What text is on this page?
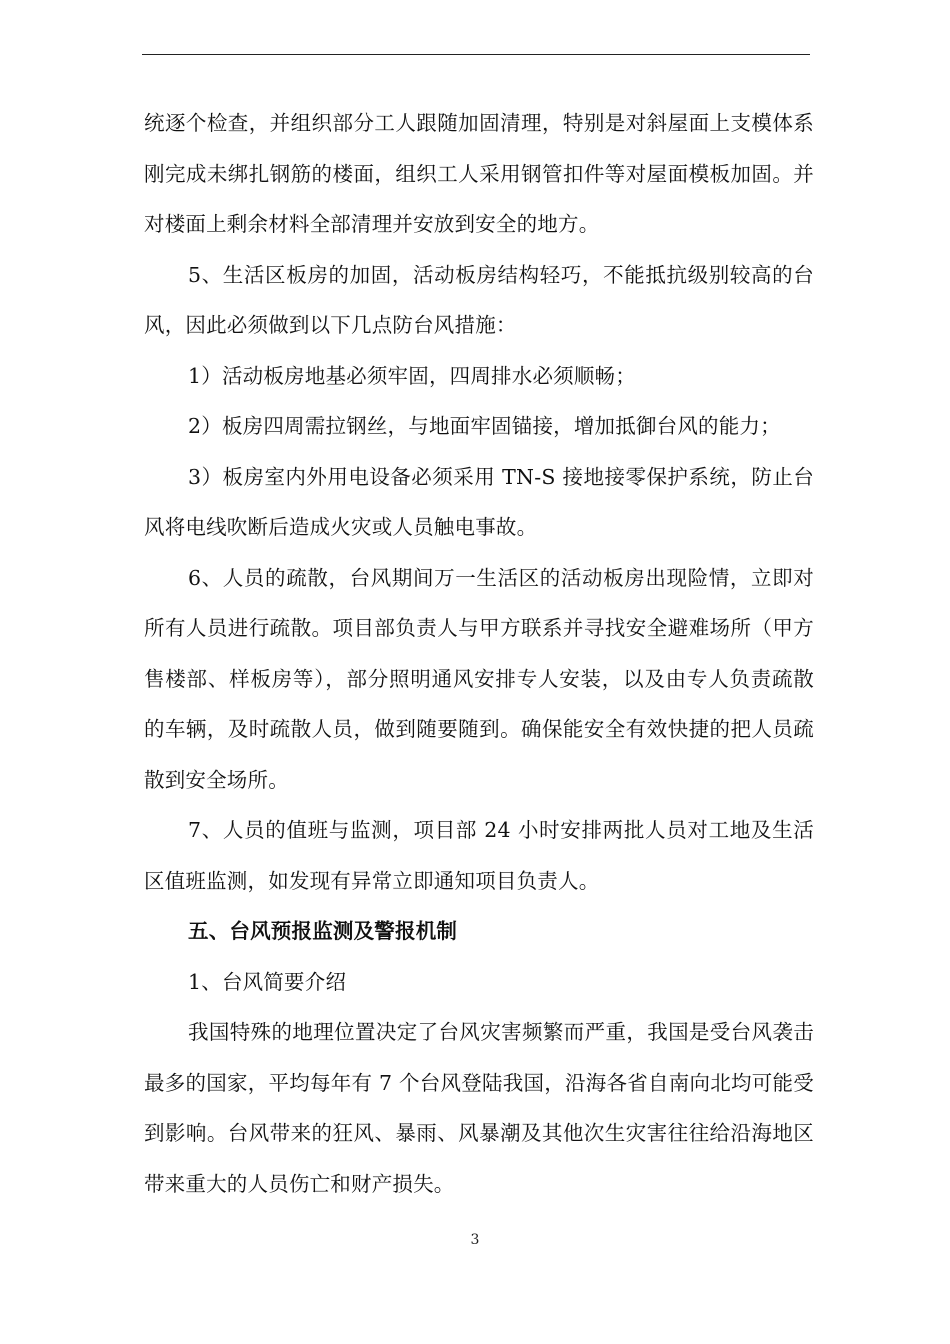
统逐个检查，并组织部分工人跟随加固清理，特别是对斜屋面上支模体系刚完成未绑扎钢筋的楼面，组织工人采用钢管扣件等对屋面模板加固。并对楼面上剩余材料全部清理并安放到安全的地方。

5、生活区板房的加固，活动板房结构轻巧，不能抵抗级别较高的台风，因此必须做到以下几点防台风措施：

1）活动板房地基必须牢固，四周排水必须顺畅；

2）板房四周需拉钢丝，与地面牢固锚接，增加抵御台风的能力；

3）板房室内外用电设备必须采用 TN-S 接地接零保护系统，防止台风将电线吹断后造成火灾或人员触电事故。

6、人员的疏散，台风期间万一生活区的活动板房出现险情，立即对所有人员进行疏散。项目部负责人与甲方联系并寻找安全避难场所（甲方售楼部、样板房等），部分照明通风安排专人安装，以及由专人负责疏散的车辆，及时疏散人员，做到随要随到。确保能安全有效快捷的把人员疏散到安全场所。

7、人员的值班与监测，项目部 24 小时安排两批人员对工地及生活区值班监测，如发现有异常立即通知项目负责人。

五、台风预报监测及警报机制

1、台风简要介绍

我国特殊的地理位置决定了台风灾害频繁而严重，我国是受台风袭击最多的国家，平均每年有 7 个台风登陆我国，沿海各省自南向北均可能受到影响。台风带来的狂风、暴雨、风暴潮及其他次生灾害往往给沿海地区带来重大的人员伤亡和财产损失。

3
